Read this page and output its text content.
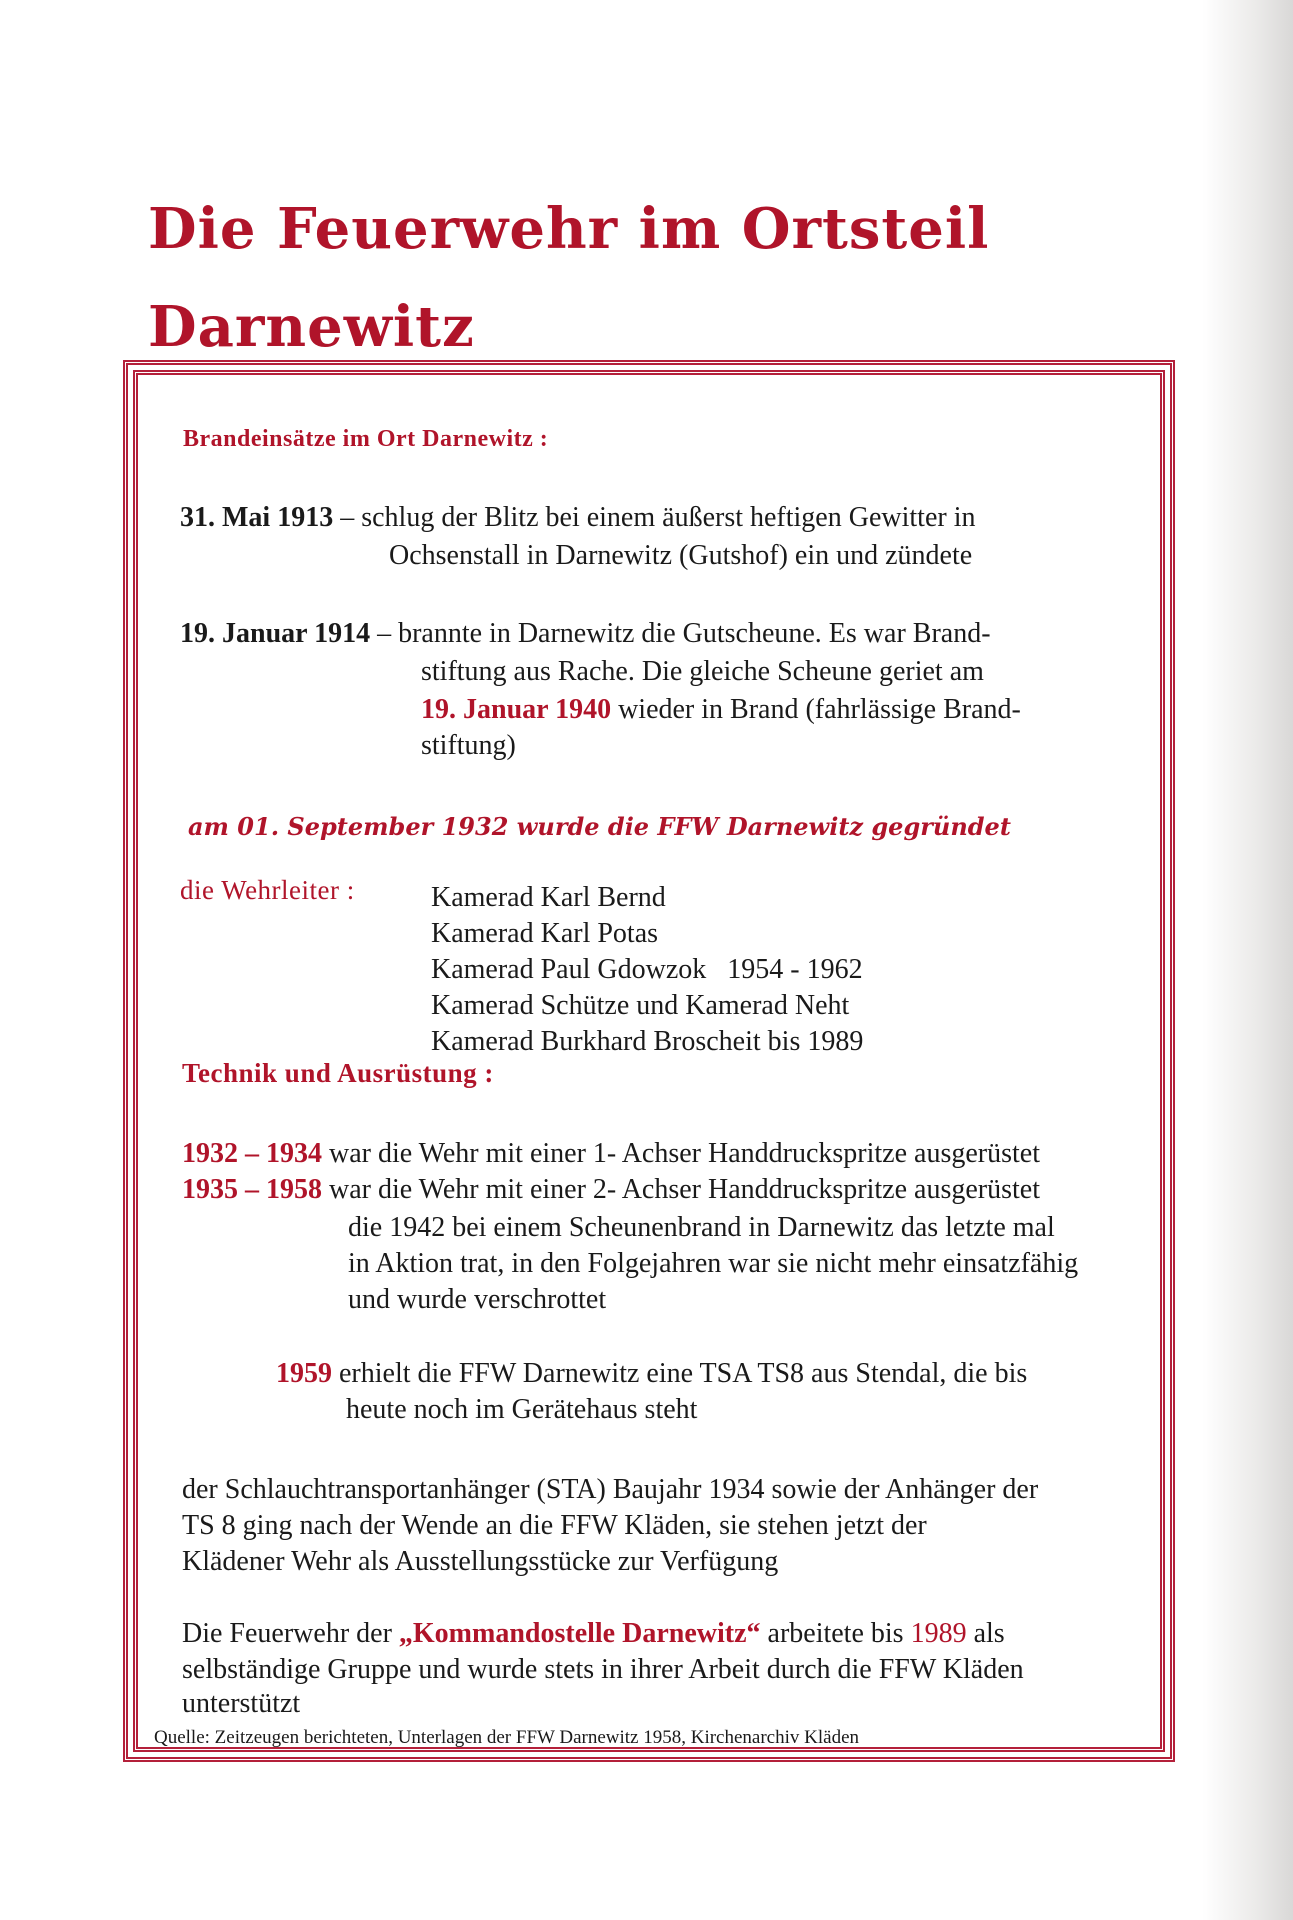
Die Feuerwehr im Ortsteil
Darnewitz
Brandeinsätze im Ort Darnewitz :
31. Mai 1913 – schlug der Blitz bei einem äußerst heftigen Gewitter in
Ochsenstall in Darnewitz (Gutshof) ein und zündete
19. Januar 1914 – brannte in Darnewitz die Gutscheune. Es war Brand-
stiftung aus Rache. Die gleiche Scheune geriet am
19. Januar 1940 wieder in Brand (fahrlässige Brand-
stiftung)
am 01. September 1932 wurde die FFW Darnewitz gegründet
die Wehrleiter :	Kamerad Karl Bernd
Kamerad Karl Potas
Kamerad Paul Gdowzok   1954 - 1962
Kamerad Schütze und Kamerad Neht
Kamerad Burkhard Broscheit bis 1989
Technik und Ausrüstung :
1932 – 1934 war die Wehr mit einer 1- Achser Handdruckspritze ausgerüstet
1935 – 1958 war die Wehr mit einer 2- Achser Handdruckspritze ausgerüstet
die 1942 bei einem Scheunenbrand in Darnewitz das letzte mal
in Aktion trat, in den Folgejahren war sie nicht mehr einsatzfähig
und wurde verschrottet
1959 erhielt die FFW Darnewitz eine TSA TS8 aus Stendal, die bis
heute noch im Gerätehaus steht
der Schlauchtransportanhänger (STA) Baujahr 1934 sowie der Anhänger der
TS 8 ging nach der Wende an die FFW Kläden, sie stehen jetzt der
Klädener Wehr als Ausstellungsstücke zur Verfügung
Die Feuerwehr der „Kommandostelle Darnewitz“ arbeitete bis 1989 als
selbständige Gruppe und wurde stets in ihrer Arbeit durch die FFW Kläden
unterstützt
Quelle: Zeitzeugen berichteten, Unterlagen der FFW Darnewitz 1958, Kirchenarchiv Kläden
